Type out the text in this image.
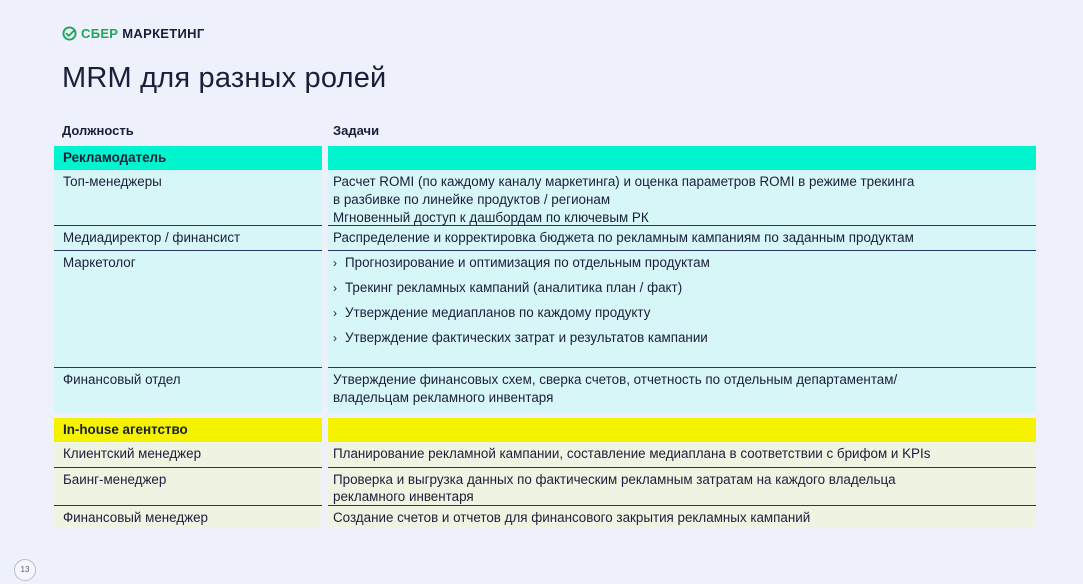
СБЕР МАРКЕТИНГ
MRM для разных ролей
Должность	Задачи
Рекламодатель
Топ-менеджеры	Расчет ROMI (по каждому каналу маркетинга) и оценка параметров ROMI в режиме трекинга
в разбивке по линейке продуктов / регионам
Мгновенный доступ к дашбордам по ключевым РК
Медиадиректор / финансист	Распределение и корректировка бюджета по рекламным кампаниям по заданным продуктам
Маркетолог	› Прогнозирование и оптимизация по отдельным продуктам
› Трекинг рекламных кампаний (аналитика план / факт)
› Утверждение медиапланов по каждому продукту
› Утверждение фактических затрат и результатов кампании
Финансовый отдел	Утверждение финансовых схем, сверка счетов, отчетность по отдельным департаментам/
владельцам рекламного инвентаря
In-house агентство
Клиентский менеджер	Планирование рекламной кампании, составление медиаплана в соответствии с брифом и KPIs
Баинг-менеджер	Проверка и выгрузка данных по фактическим рекламным затратам на каждого владельца
рекламного инвентаря
Финансовый менеджер	Создание счетов и отчетов для финансового закрытия рекламных кампаний
13
